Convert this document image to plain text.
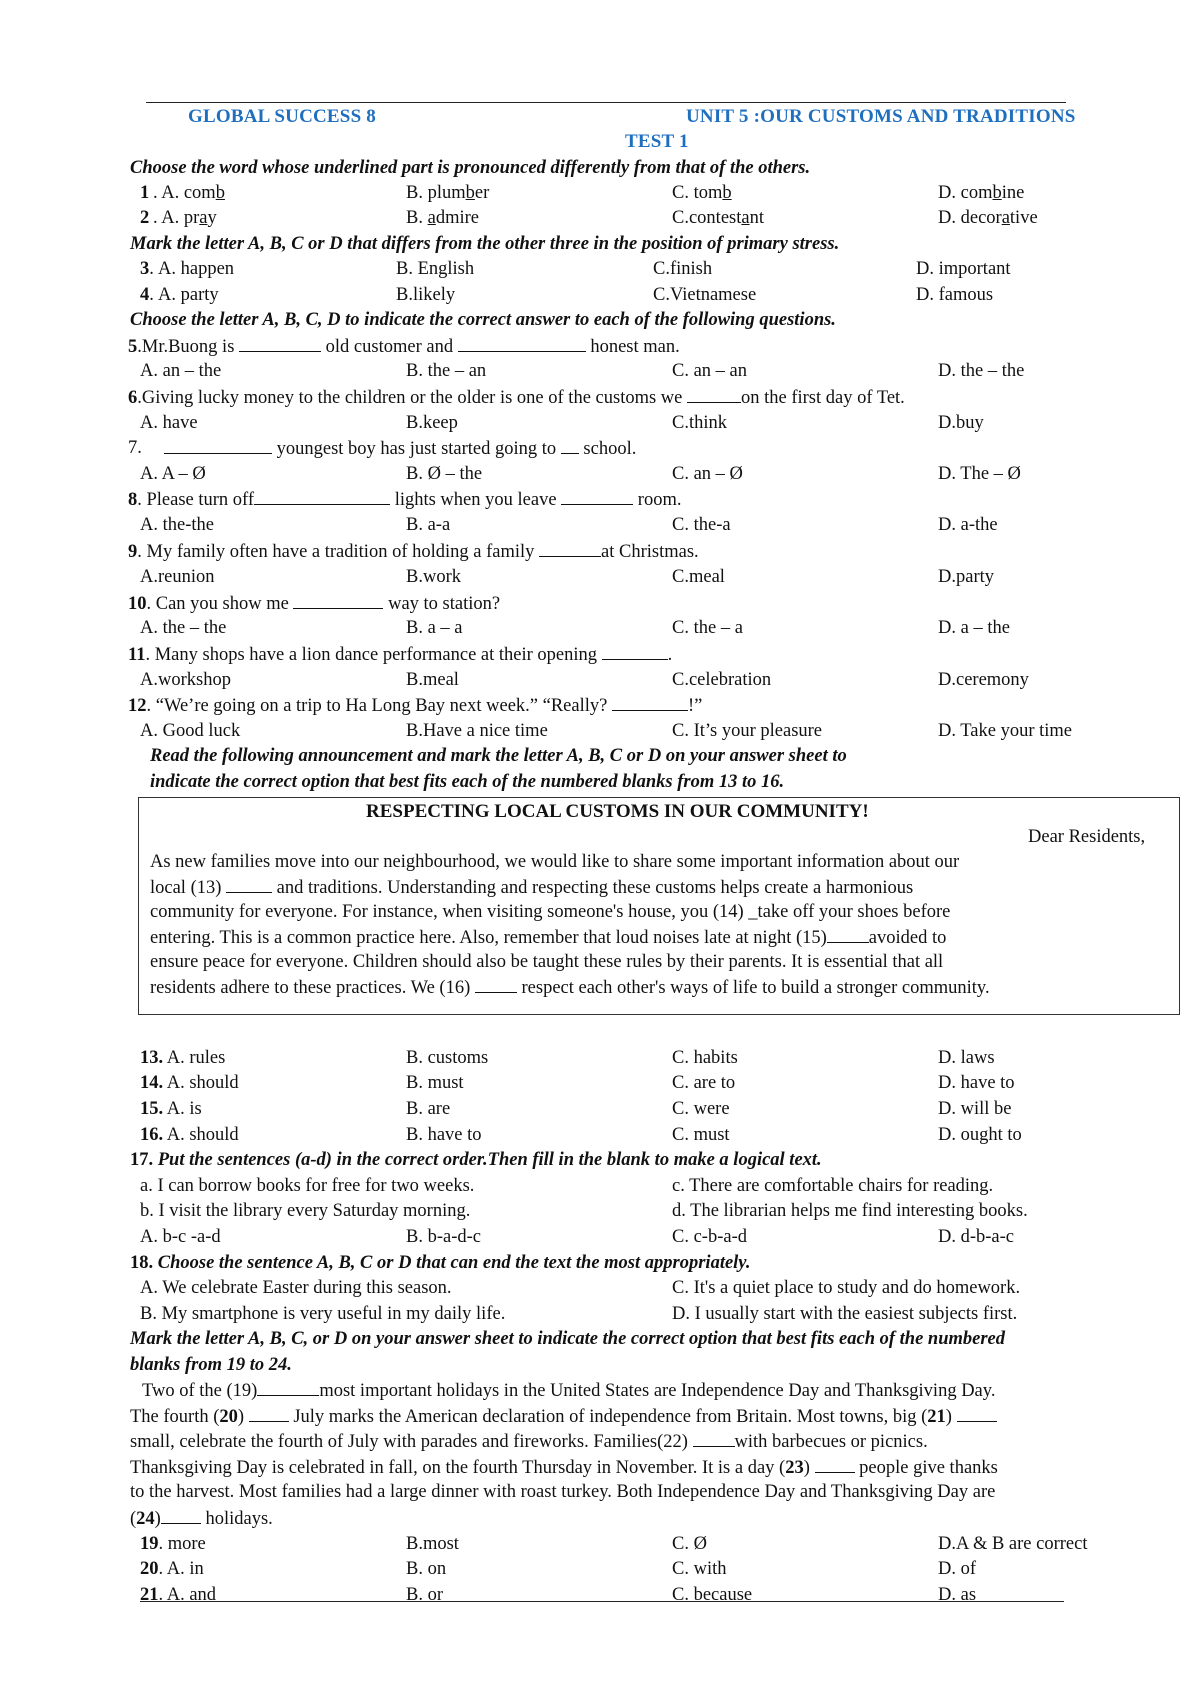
GLOBAL SUCCESS 8	UNIT 5 :OUR CUSTOMS AND TRADITIONS
TEST 1
Choose the word whose underlined part is pronounced differently from that of the others.
1 . A. comb	B. plumber	C. tomb	D. combine
2 . A. pray	B. admire	C.contestant	D. decorative
Mark the letter A, B, C or D that differs from the other three in the position of primary stress.
3. A. happen	B. English	C.finish	D. important
4. A. party	B.likely	C.Vietnamese	D. famous
Choose the letter A, B, C, D to indicate the correct answer to each of the following questions.
5.Mr.Buong is	old customer and	honest man.
A. an – the	B. the – an	C. an – an	D. the – the
6.Giving lucky money to the children or the older is one of the customs we	on the first day of Tet.
A. have	B.keep	C.think	D.buy
7.	youngest boy has just started going to school.
A. A – Ø	B. Ø – the	C. an – Ø	D. The – Ø
8. Please turn off	lights when you leave	room.
A. the-the	B. a-a	C. the-a	D. a-the
9. My family often have a tradition of holding a family	at Christmas.
A.reunion	B.work	C.meal	D.party
10. Can you show me	way to station?
A. the – the	B. a – a	C. the – a	D. a – the
11. Many shops have a lion dance performance at their opening	.
A.workshop	B.meal	C.celebration	D.ceremony
12. “We’re going on a trip to Ha Long Bay next week.” “Really?	!”
A. Good luck	B.Have a nice time	C. It’s your pleasure	D. Take your time
Read the following announcement and mark the letter A, B, C or D on your answer sheet to
indicate the correct option that best fits each of the numbered blanks from 13 to 16.
RESPECTING LOCAL CUSTOMS IN OUR COMMUNITY!
Dear Residents,
As new families move into our neighbourhood, we would like to share some important information about our
local (13)	and traditions. Understanding and respecting these customs helps create a harmonious
community for everyone. For instance, when visiting someone's house, you (14) _take off your shoes before
entering. This is a common practice here. Also, remember that loud noises late at night (15) avoided to
ensure peace for everyone. Children should also be taught these rules by their parents. It is essential that all
residents adhere to these practices. We (16)	respect each other's ways of life to build a stronger community.
13. A. rules	B. customs	C. habits	D. laws
14. A. should	B. must	C. are to	D. have to
15. A. is	B. are	C. were	D. will be
16. A. should	B. have to	C. must	D. ought to
17. Put the sentences (a-d) in the correct order.Then fill in the blank to make a logical text.
a. I can borrow books for free for two weeks.	c. There are comfortable chairs for reading.
b. I visit the library every Saturday morning.	d. The librarian helps me find interesting books.
A. b-c -a-d	B. b-a-d-c	C. c-b-a-d	D. d-b-a-c
18. Choose the sentence A, B, C or D that can end the text the most appropriately.
A. We celebrate Easter during this season.	C. It's a quiet place to study and do homework.
B. My smartphone is very useful in my daily life.	D. I usually start with the easiest subjects first.
Mark the letter A, B, C, or D on your answer sheet to indicate the correct option that best fits each of the numbered
blanks from 19 to 24.
Two of the (19)	most important holidays in the United States are Independence Day and Thanksgiving Day.
The fourth (20)	July marks the American declaration of independence from Britain. Most towns, big (21)
small, celebrate the fourth of July with parades and fireworks. Families(22)	with barbecues or picnics.
Thanksgiving Day is celebrated in fall, on the fourth Thursday in November. It is a day (23)	people give thanks
to the harvest. Most families had a large dinner with roast turkey. Both Independence Day and Thanksgiving Day are
(24) holidays.
19. more	B.most	C. Ø	D.A & B are correct
20. A. in	B. on	C. with	D. of
21. A. and	B. or	C. because	D. as
